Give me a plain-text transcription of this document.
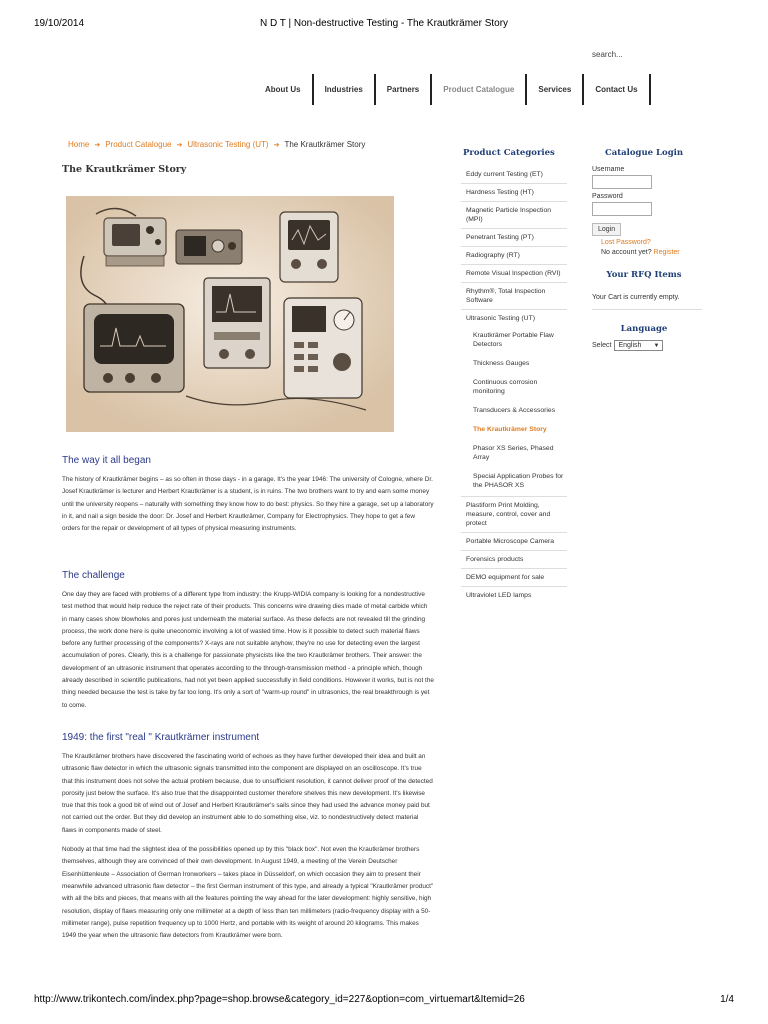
19/10/2014	N D T | Non-destructive Testing - The Krautkrämer Story
search...
About Us	Industries	Partners	Product Catalogue	Services	Contact Us
Home ➔ Product Catalogue ➔ Ultrasonic Testing (UT) ➔ The Krautkrämer Story
The Krautkrämer Story
The way it all began

The history of Krautkrämer begins – as so often in those days - in a garage. It's the year 1946: The university of Cologne, where Dr. Josef Krautkrämer is lecturer and Herbert Krautkrämer is a student, is in ruins. The two brothers want to try and earn some money until the university reopens – naturally with something they know how to do best: physics. So they hire a garage, set up a laboratory in it, and nail a sign beside the door: Dr. Josef and Herbert Krautkrämer, Company for Electrophysics. They hope to get a few orders for the repair or development of all types of physical measuring instruments.

The challenge

One day they are faced with problems of a different type from industry: the Krupp-WIDIA company is looking for a nondestructive test method that would help reduce the reject rate of their products. This concerns wire drawing dies made of metal carbide which in many cases show blowholes and pores just underneath the material surface. As these defects are not revealed till the grinding process, the work done here is quite uneconomic involving a lot of wasted time. How is it possible to detect such material flaws before any further processing of the components? X-rays are not suitable anyhow, they're no use for detecting even the largest accumulation of pores. Clearly, this is a challenge for passionate physicists like the two Krautkrämer brothers. Their answer: the development of an ultrasonic instrument that operates according to the through-transmission method - a principle which, though already described in scientific publications, had not yet been applied successfully in field conditions. However it works, but is not the thing needed because the test is take by far too long. It's only a sort of "warm-up round" in ultrasonics, the real breakthrough is yet to come.

1949: the first "real " Krautkrämer instrument

The Krautkrämer brothers have discovered the fascinating world of echoes as they have further developed their idea and built an ultrasonic flaw detector in which the ultrasonic signals transmitted into the component are displayed on an oscilloscope. It's true that this instrument does not solve the actual problem because, due to unsufficient resolution, it cannot deliver proof of the detected porosity just below the surface. It's also true that the disappointed customer therefore shelves this new development. It's likewise true that this took a good bit of wind out of Josef and Herbert Krautkrämer's sails since they had used the advance money paid but not carried out the order. But they did develop an instrument able to do something else, viz. to nondestructively detect material flaws in components made of steel.

Nobody at that time had the slightest idea of the possibilities opened up by this "black box". Not even the Krautkrämer brothers themselves, although they are convinced of their own development. In August 1949, a meeting of the Verein Deutscher Eisenhüttenleute – Association of German Ironworkers – takes place in Düsseldorf, on which occasion they aim to present their meanwhile advanced ultrasonic flaw detector – the first German instrument of this type, and already a typical "Krautkrämer product" with all the bits and pieces, that means with all the features pointing the way ahead for the later development: highly sensitive, high resolution, display of flaws measuring only one millimeter at a depth of less than ten millimeters (radio-frequency display with a 50-millimeter range), pulse repetition frequency up to 1000 Hertz, and portable with its weight of around 20 kilograms. This makes 1949 the year when the ultrasonic flaw detectors from Krautkrämer were born.

Product Categories
Eddy current Testing (ET)
Hardness Testing (HT)
Magnetic Particle Inspection (MPI)
Penetrant Testing (PT)
Radiography (RT)
Remote Visual Inspection (RVI)
Rhythm®, Total Inspection Software
Ultrasonic Testing (UT)
Krautkrämer Portable Flaw Detectors
Thickness Gauges
Continuous corrosion monitoring
Transducers & Accessories
The Krautkrämer Story
Phasor XS Series, Phased Array
Special Application Probes for the PHASOR XS
Plastiform Print Molding, measure, control, cover and protect
Portable Microscope Camera
Forensics products
DEMO equipment for sale
Ultraviolet LED lamps
Catalogue Login
Username
Password
Login
Lost Password?
No account yet? Register
Your RFQ Items
Your Cart is currently empty.
Language
Select English ▼
http://www.trikontech.com/index.php?page=shop.browse&category_id=227&option=com_virtuemart&Itemid=26	1/4
